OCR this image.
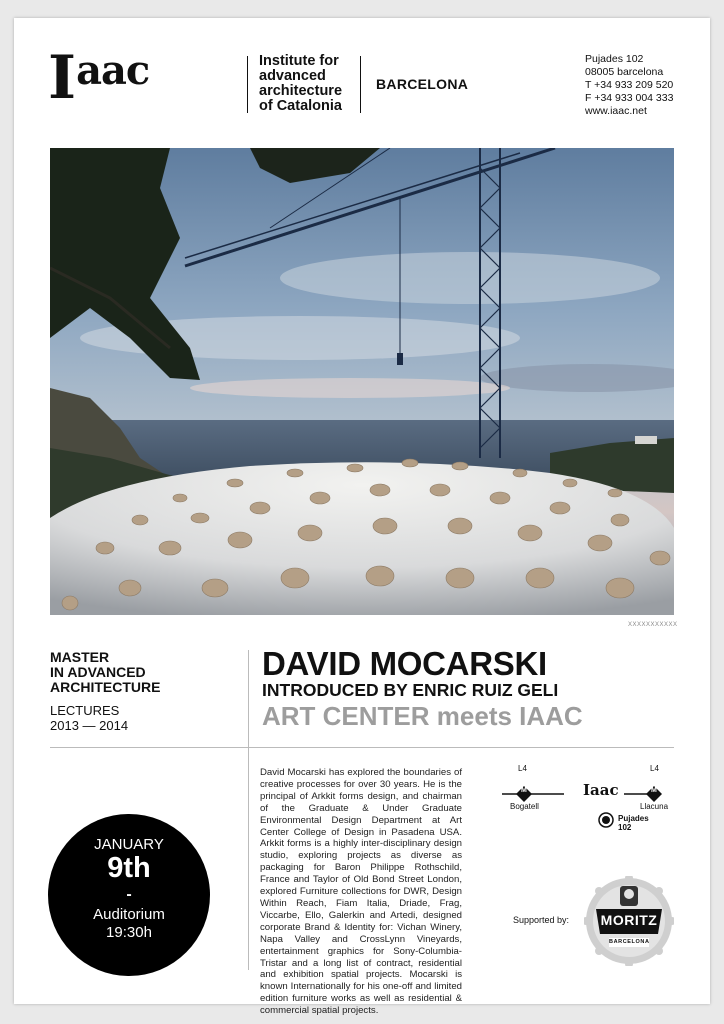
Iaac	Institute for
advanced
architecture
of Catalonia
BARCELONA
Pujades 102
08005 barcelona
T +34 933 209 520
F +34 933 004 333
www.iaac.net
XXXXXXXXXXX
MASTER
IN ADVANCED
ARCHITECTURE
LECTURES
2013 — 2014
DAVID MOCARSKI
INTRODUCED BY ENRIC RUIZ GELI
ART CENTER meets IAAC
David Mocarski has explored the boundaries of creative processes for over 30 years. He is the principal of Arkkit forms design, and chairman of the Graduate & Under Graduate Environmental Design Department at Art Center College of Design in Pasadena USA. Arkkit forms is a highly inter-disciplinary design studio, exploring projects as diverse as packaging for Baron Philippe Rothschild, France and Taylor of Old Bond Street London, explored Furniture collections for DWR, Design Within Reach, Fiam Italia, Driade, Frag, Viccarbe, Ello, Galerkin and Artedi, designed corporate Brand & Identity for: Vichan Winery, Napa Valley and CrossLynn Vineyards, entertainment graphics for Sony-Columbia-Tristar and a long list of contract, residential and exhibition spatial projects. Mocarski is known Internationally for his one-off and limited edition furniture works as well as residential & commercial spatial projects.
JANUARY
9th
-
Auditorium
19:30h
L4	L4
M	M
Iaac
Bogatell	Llacuna
Pujades
102
Supported by:	MORITZ
BARCELONA
